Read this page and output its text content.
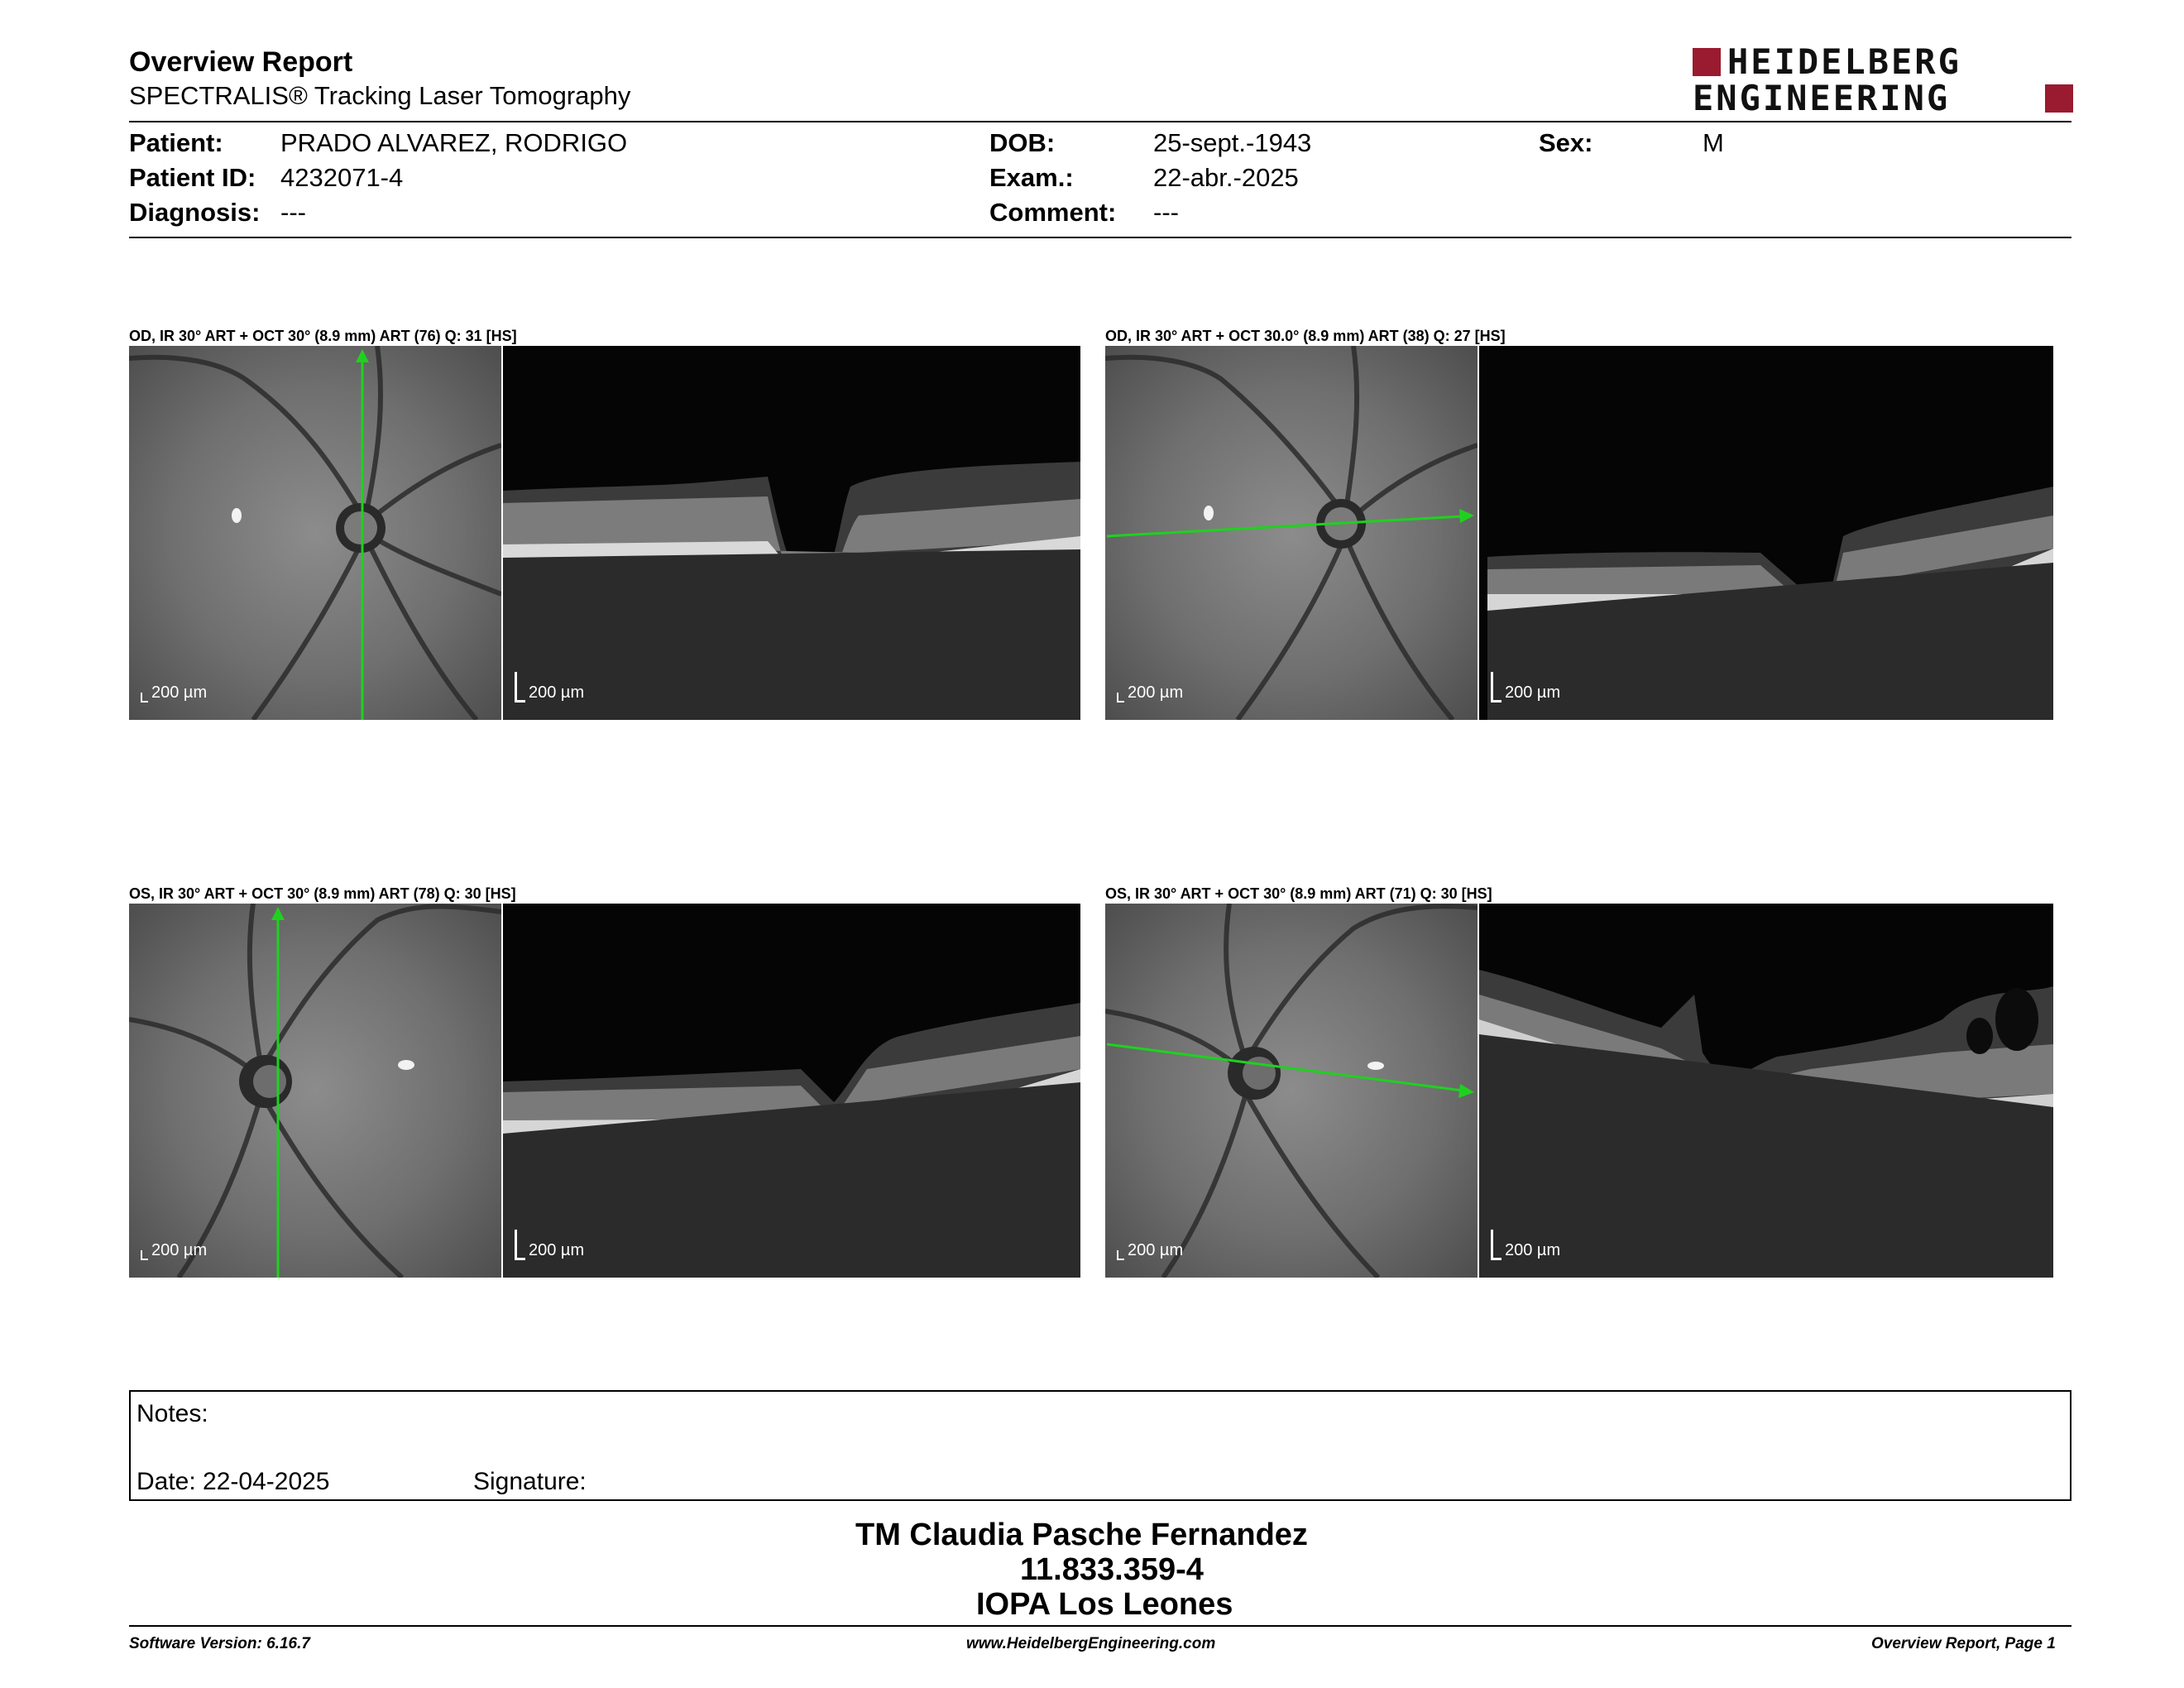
Overview Report
SPECTRALIS® Tracking Laser Tomography
HEIDELBERG
ENGINEERING
Patient: PRADO ALVAREZ, RODRIGO
Patient ID: 4232071-4
Diagnosis: ---
DOB:	25-sept.-1943
Exam.:	22-abr.-2025
Comment: ---
Sex:	M
OD, IR 30° ART + OCT 30° (8.9 mm) ART (76) Q: 31 [HS]
200 µm	200 µm
OD, IR 30° ART + OCT 30.0° (8.9 mm) ART (38) Q: 27 [HS]
200 µm	200 µm
OS, IR 30° ART + OCT 30° (8.9 mm) ART (78) Q: 30 [HS]
200 µm	200 µm
OS, IR 30° ART + OCT 30° (8.9 mm) ART (71) Q: 30 [HS]
200 µm	200 µm
Notes:
Date: 22-04-2025	Signature:
TM Claudia Pasche Fernandez
11.833.359-4
IOPA Los Leones
Software Version: 6.16.7	www.HeidelbergEngineering.com	Overview Report, Page 1
